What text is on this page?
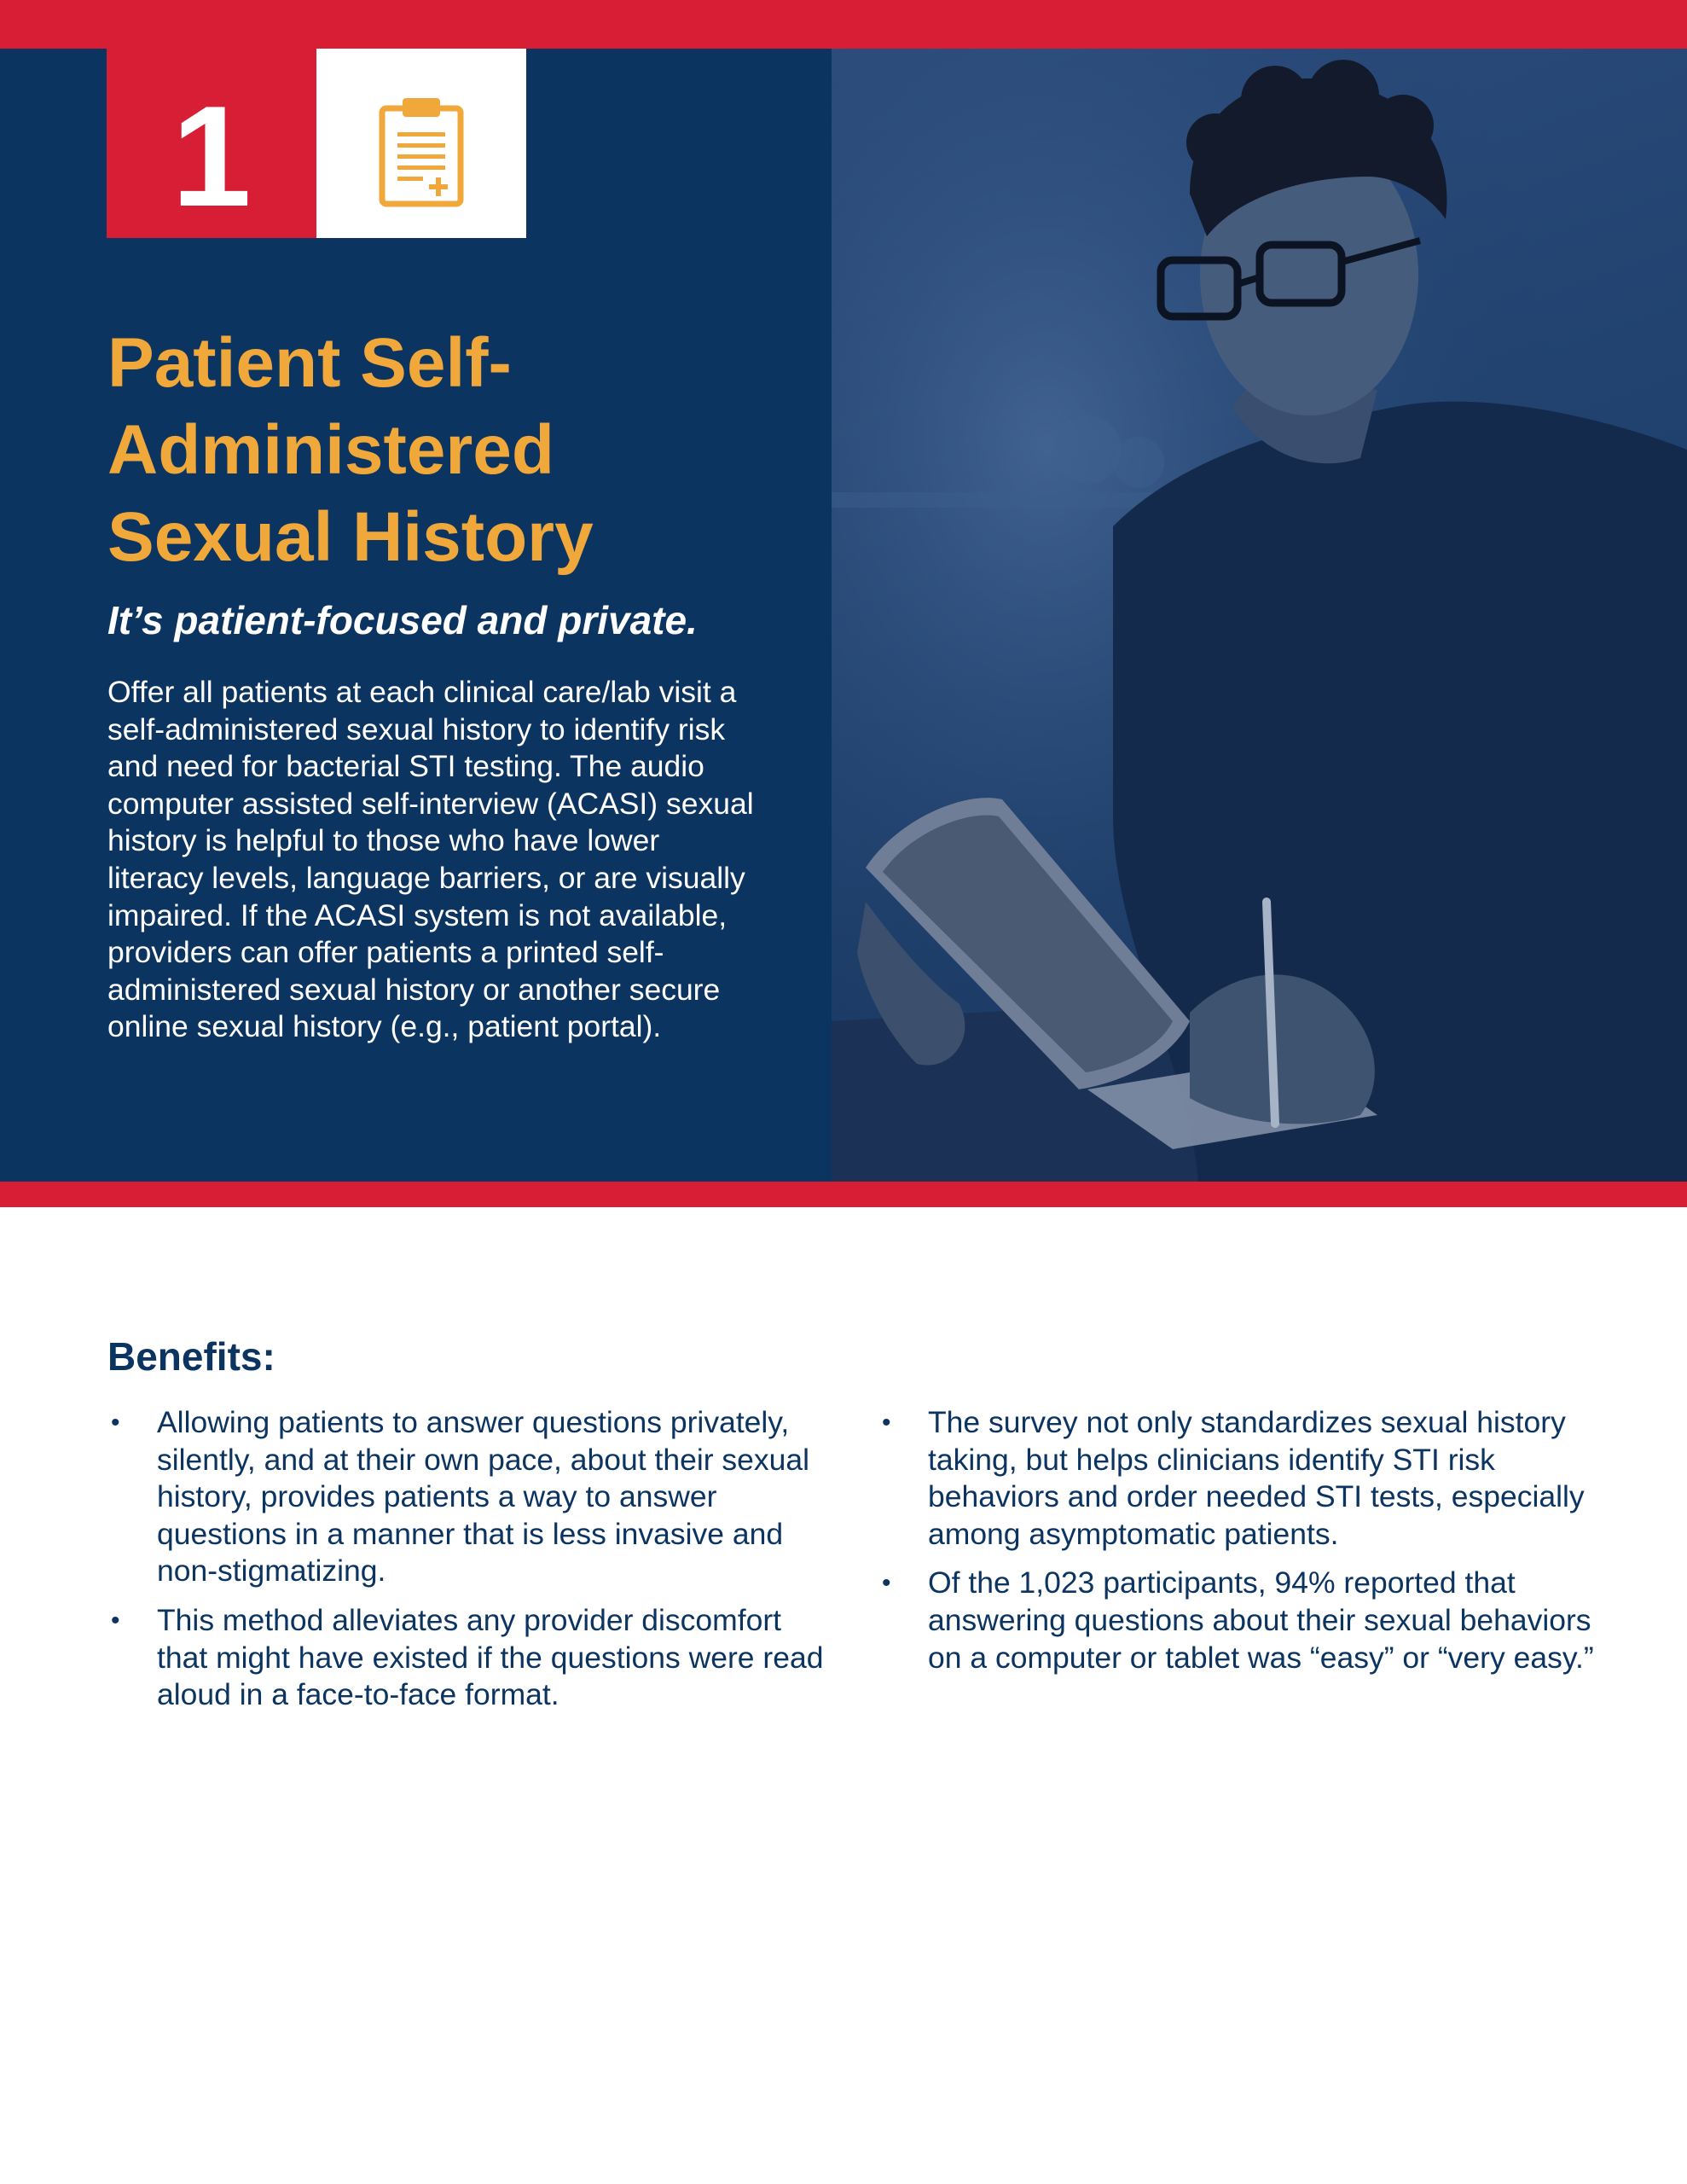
1
Patient Self-
Administered
Sexual History

It’s patient-focused and private.

Offer all patients at each clinical care/lab visit a
self-administered sexual history to identify risk
and need for bacterial STI testing. The audio
computer assisted self-interview (ACASI) sexual
history is helpful to those who have lower
literacy levels, language barriers, or are visually
impaired. If the ACASI system is not available,
providers can offer patients a printed self-
administered sexual history or another secure
online sexual history (e.g., patient portal).

Benefits:
• Allowing patients to answer questions privately,
silently, and at their own pace, about their sexual
history, provides patients a way to answer
questions in a manner that is less invasive and
non-stigmatizing.
• This method alleviates any provider discomfort
that might have existed if the questions were read
aloud in a face-to-face format.
• The survey not only standardizes sexual history
taking, but helps clinicians identify STI risk
behaviors and order needed STI tests, especially
among asymptomatic patients.
• Of the 1,023 participants, 94% reported that
answering questions about their sexual behaviors
on a computer or tablet was “easy” or “very easy.”
